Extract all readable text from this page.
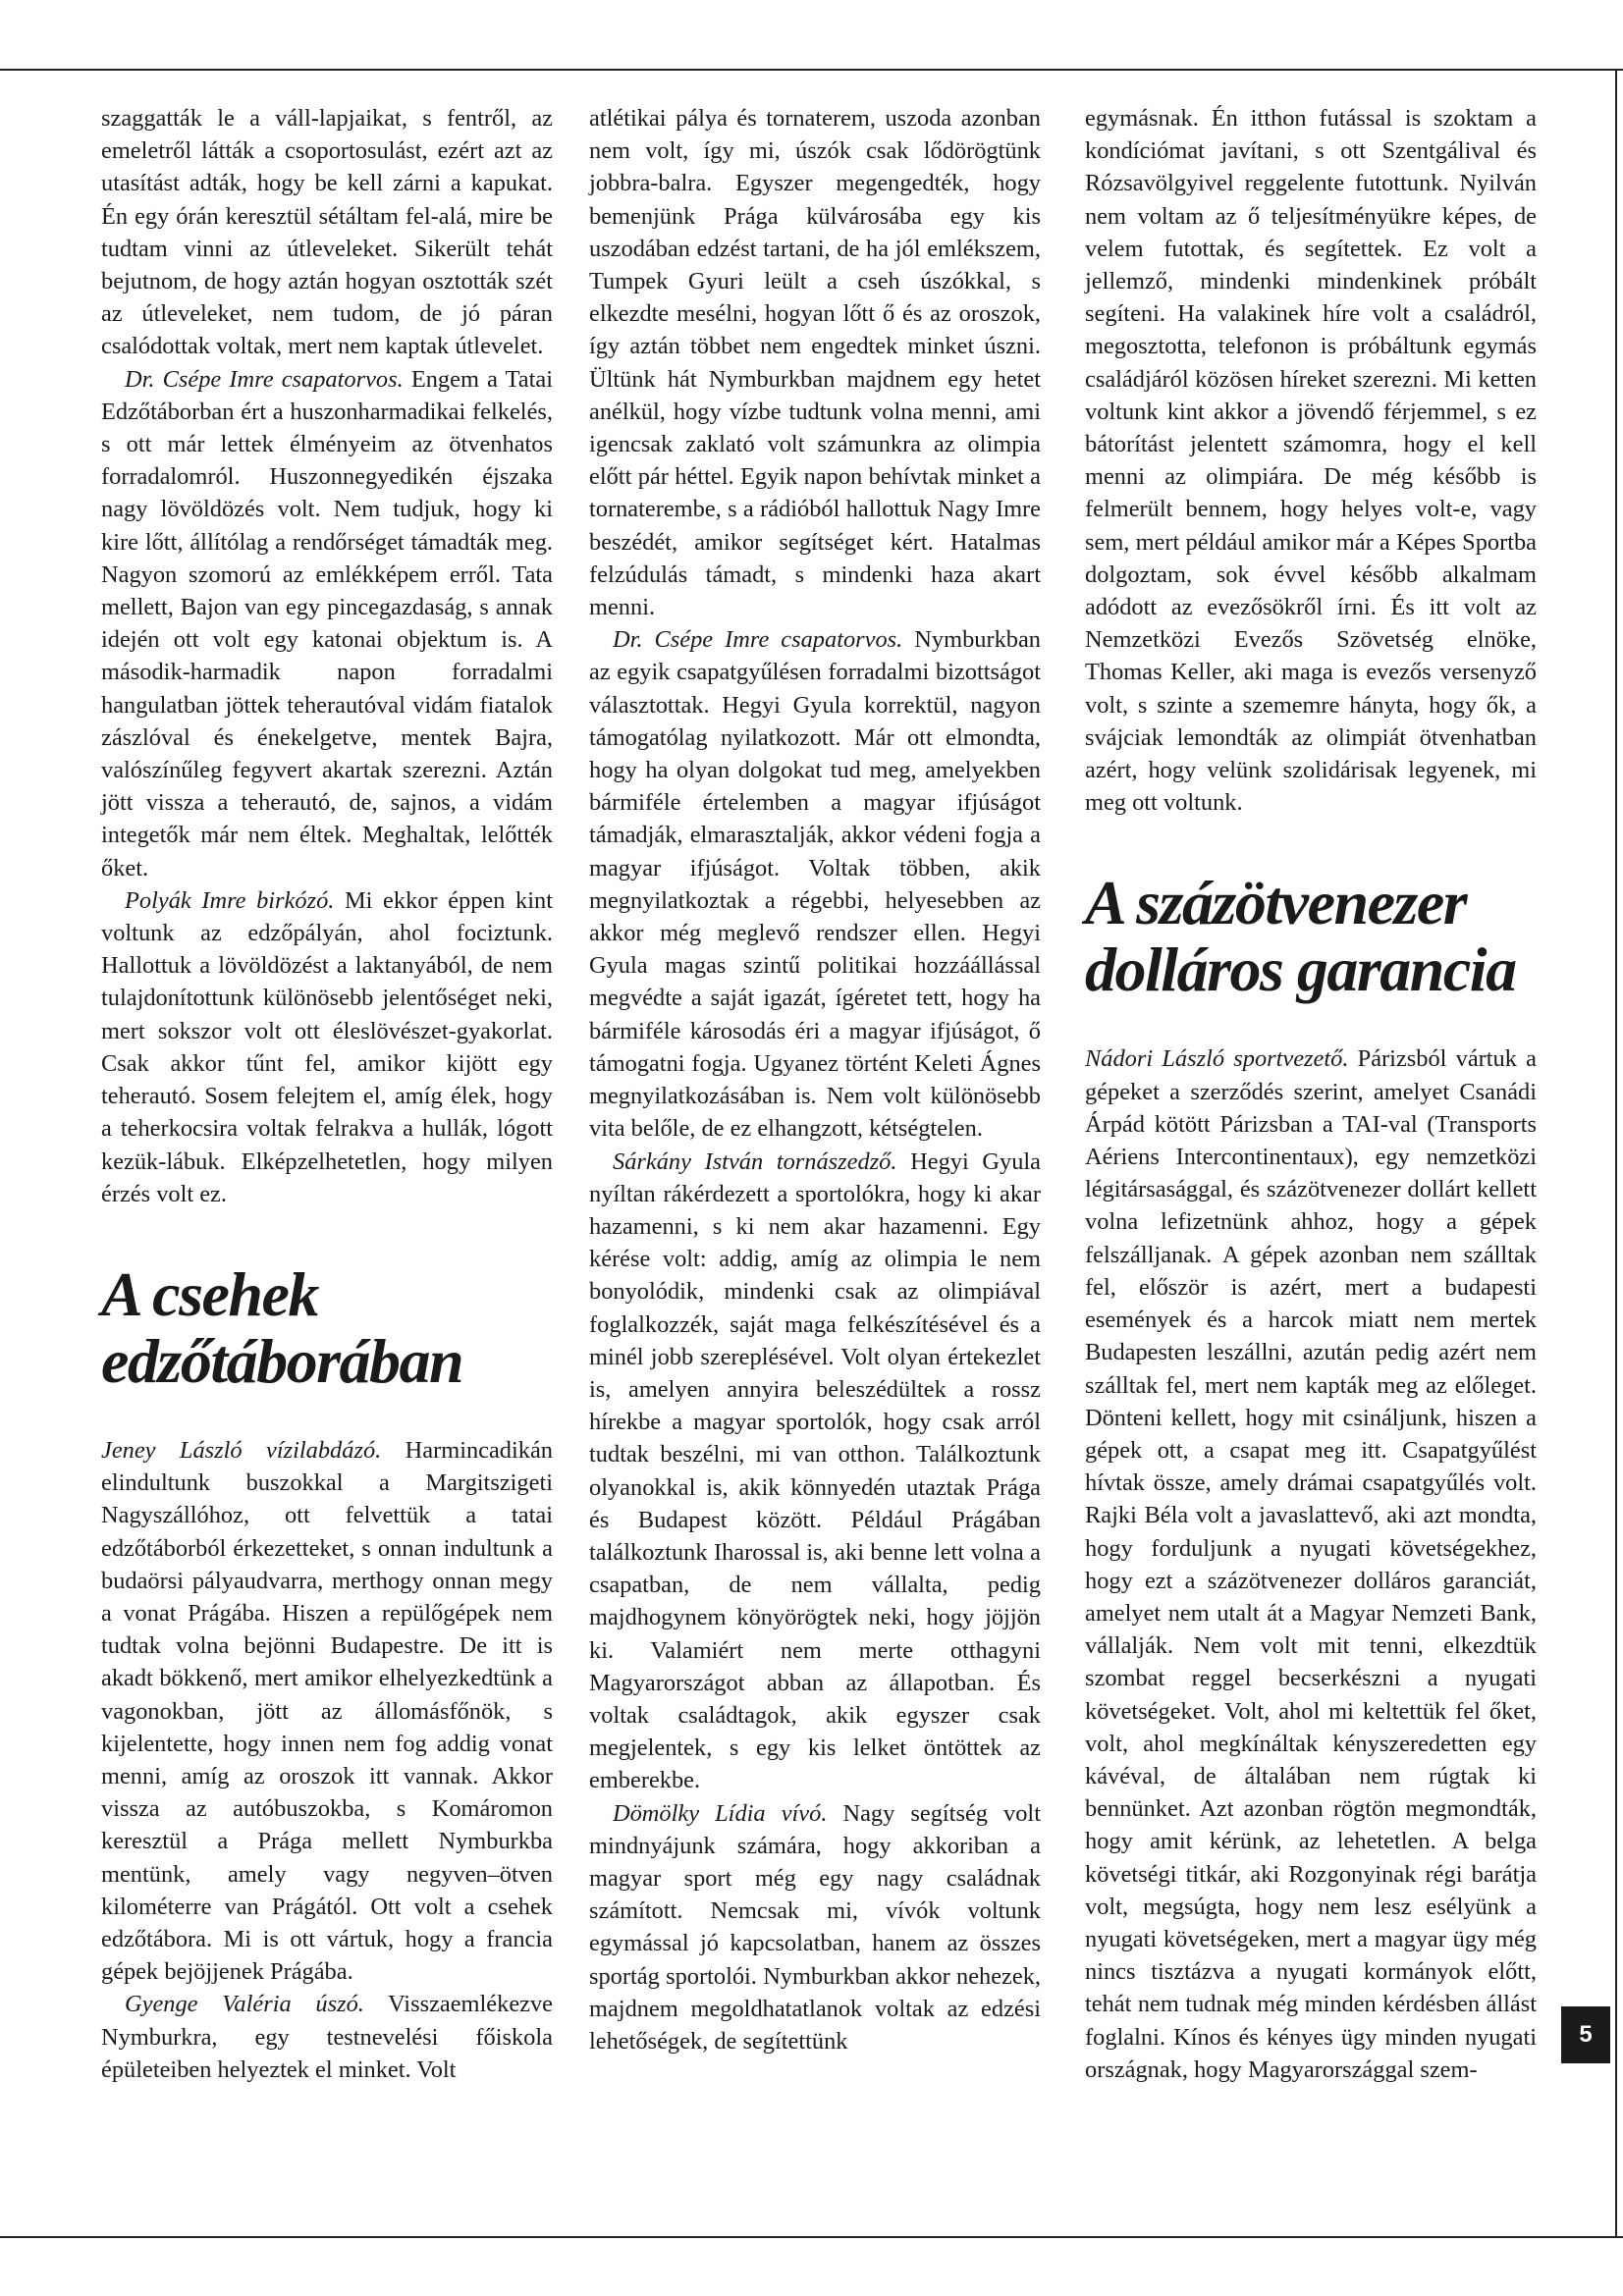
szaggatták le a váll-lapjaikat, s fentről, az emeletről látták a csoportosulást, ezért azt az utasítást adták, hogy be kell zárni a kapukat. Én egy órán keresztül sétáltam fel-alá, mire be tudtam vinni az útleveleket. Sikerült tehát bejutnom, de hogy aztán hogyan osztották szét az útleveleket, nem tudom, de jó páran csalódottak voltak, mert nem kaptak útlevelet.

Dr. Csépe Imre csapatorvos. Engem a Tatai Edzőtáborban ért a huszonharmadikai felkelés, s ott már lettek élményeim az ötvenhatos forradalomról. Huszonnegyedikén éjszaka nagy lövöldözés volt. Nem tudjuk, hogy ki kire lőtt, állítólag a rendőrséget támadták meg. Nagyon szomorú az emlékképem erről. Tata mellett, Bajon van egy pincegazdaság, s annak idején ott volt egy katonai objektum is. A második-harmadik napon forradalmi hangulatban jöttek teherautóval vidám fiatalok zászlóval és énekelgetve, mentek Bajra, valószínűleg fegyvert akartak szerezni. Aztán jött vissza a teherautó, de, sajnos, a vidám integetők már nem éltek. Meghaltak, lelőtték őket.

Polyák Imre birkózó. Mi ekkor éppen kint voltunk az edzőpályán, ahol fociztunk. Hallottuk a lövöldözést a laktanyából, de nem tulajdonítottunk különösebb jelentőséget neki, mert sokszor volt ott éleslövészet-gyakorlat. Csak akkor tűnt fel, amikor kijött egy teherautó. Sosem felejtem el, amíg élek, hogy a teherkocsira voltak felrakva a hullák, lógott kezük-lábuk. Elképzelhetetlen, hogy milyen érzés volt ez.

A csehek edzőtáborában

Jeney László vízilabdázó. Harmincadikán elindultunk buszokkal a Margitszigeti Nagyszállóhoz, ott felvettük a tatai edzőtáborból érkezetteket, s onnan indultunk a budaörsi pályaudvarra, merthogy onnan megy a vonat Prágába. Hiszen a repülőgépek nem tudtak volna bejönni Budapestre. De itt is akadt bökkenő, mert amikor elhelyezkedtünk a vagonokban, jött az állomásfőnök, s kijelentette, hogy innen nem fog addig vonat menni, amíg az oroszok itt vannak. Akkor vissza az autóbuszokba, s Komáromon keresztül a Prága mellett Nymburkba mentünk, amely vagy negyven–ötven kilométerre van Prágától. Ott volt a csehek edzőtábora. Mi is ott vártuk, hogy a francia gépek bejöjjenek Prágába.

Gyenge Valéria úszó. Visszaemlékezve Nymburkra, egy testnevelési főiskola épületeiben helyeztek el minket. Volt

atlétikai pálya és tornaterem, uszoda azonban nem volt, így mi, úszók csak lődörögtünk jobbra-balra. Egyszer megengedték, hogy bemenjünk Prága külvárosába egy kis uszodában edzést tartani, de ha jól emlékszem, Tumpek Gyuri leült a cseh úszókkal, s elkezdte mesélni, hogyan lőtt ő és az oroszok, így aztán többet nem engedtek minket úszni. Ültünk hát Nymburkban majdnem egy hetet anélkül, hogy vízbe tudtunk volna menni, ami igencsak zaklató volt számunkra az olimpia előtt pár héttel. Egyik napon behívtak minket a tornaterembe, s a rádióból hallottuk Nagy Imre beszédét, amikor segítséget kért. Hatalmas felzúdulás támadt, s mindenki haza akart menni.

Dr. Csépe Imre csapatorvos. Nymburkban az egyik csapatgyűlésen forradalmi bizottságot választottak. Hegyi Gyula korrektül, nagyon támogatólag nyilatkozott. Már ott elmondta, hogy ha olyan dolgokat tud meg, amelyekben bármiféle értelemben a magyar ifjúságot támadják, elmarasztalják, akkor védeni fogja a magyar ifjúságot. Voltak többen, akik megnyilatkoztak a régebbi, helyesebben az akkor még meglevő rendszer ellen. Hegyi Gyula magas szintű politikai hozzáállással megvédte a saját igazát, ígéretet tett, hogy ha bármiféle károsodás éri a magyar ifjúságot, ő támogatni fogja. Ugyanez történt Keleti Ágnes megnyilatkozásában is. Nem volt különösebb vita belőle, de ez elhangzott, kétségtelen.

Sárkány István tornászedző. Hegyi Gyula nyíltan rákérdezett a sportolókra, hogy ki akar hazamenni, s ki nem akar hazamenni. Egy kérése volt: addig, amíg az olimpia le nem bonyolódik, mindenki csak az olimpiával foglalkozzék, saját maga felkészítésével és a minél jobb szereplésével. Volt olyan értekezlet is, amelyen annyira beleszédültek a rossz hírekbe a magyar sportolók, hogy csak arról tudtak beszélni, mi van otthon. Találkoztunk olyanokkal is, akik könnyedén utaztak Prága és Budapest között. Például Prágában találkoztunk Iharossal is, aki benne lett volna a csapatban, de nem vállalta, pedig majdhogynem könyörögtek neki, hogy jöjjön ki. Valamiért nem merte otthagyni Magyarországot abban az állapotban. És voltak családtagok, akik egyszer csak megjelentek, s egy kis lelket öntöttek az emberekbe.

Dömölky Lídia vívó. Nagy segítség volt mindnyájunk számára, hogy akkoriban a magyar sport még egy nagy családnak számított. Nemcsak mi, vívók voltunk egymással jó kapcsolatban, hanem az összes sportág sportolói. Nymburkban akkor nehezek, majdnem megoldhatatlanok voltak az edzési lehetőségek, de segítettünk

egymásnak. Én itthon futással is szoktam a kondíciómat javítani, s ott Szentgálival és Rózsavölgyivel reggelente futottunk. Nyilván nem voltam az ő teljesítményükre képes, de velem futottak, és segítettek. Ez volt a jellemző, mindenki mindenkinek próbált segíteni. Ha valakinek híre volt a családról, megosztotta, telefonon is próbáltunk egymás családjáról közösen híreket szerezni. Mi ketten voltunk kint akkor a jövendő férjemmel, s ez bátorítást jelentett számomra, hogy el kell menni az olimpiára. De még később is felmerült bennem, hogy helyes volt-e, vagy sem, mert például amikor már a Képes Sportba dolgoztam, sok évvel később alkalmam adódott az evezősökről írni. És itt volt az Nemzetközi Evezős Szövetség elnöke, Thomas Keller, aki maga is evezős versenyző volt, s szinte a szememre hányta, hogy ők, a svájciak lemondták az olimpiát ötvenhatban azért, hogy velünk szolidárisak legyenek, mi meg ott voltunk.

A százötvenezer dolláros garancia

Nádori László sportvezető. Párizsból vártuk a gépeket a szerződés szerint, amelyet Csanádi Árpád kötött Párizsban a TAI-val (Transports Aériens Intercontinentaux), egy nemzetközi légitársasággal, és százötvenezer dollárt kellett volna lefizetnünk ahhoz, hogy a gépek felszálljanak. A gépek azonban nem szálltak fel, először is azért, mert a budapesti események és a harcok miatt nem mertek Budapesten leszállni, azután pedig azért nem szálltak fel, mert nem kapták meg az előleget. Dönteni kellett, hogy mit csináljunk, hiszen a gépek ott, a csapat meg itt. Csapatgyűlést hívtak össze, amely drámai csapatgyűlés volt. Rajki Béla volt a javaslattevő, aki azt mondta, hogy forduljunk a nyugati követségekhez, hogy ezt a százötvenezer dolláros garanciát, amelyet nem utalt át a Magyar Nemzeti Bank, vállalják. Nem volt mit tenni, elkezdtük szombat reggel becserkészni a nyugati követségeket. Volt, ahol mi keltettük fel őket, volt, ahol megkínáltak kényszeredetten egy kávéval, de általában nem rúgtak ki bennünket. Azt azonban rögtön megmondták, hogy amit kérünk, az lehetetlen. A belga követségi titkár, aki Rozgonyinak régi barátja volt, megsúgta, hogy nem lesz esélyünk a nyugati követségeken, mert a magyar ügy még nincs tisztázva a nyugati kormányok előtt, tehát nem tudnak még minden kérdésben állást foglalni. Kínos és kényes ügy minden nyugati országnak, hogy Magyarországgal szem-

5
